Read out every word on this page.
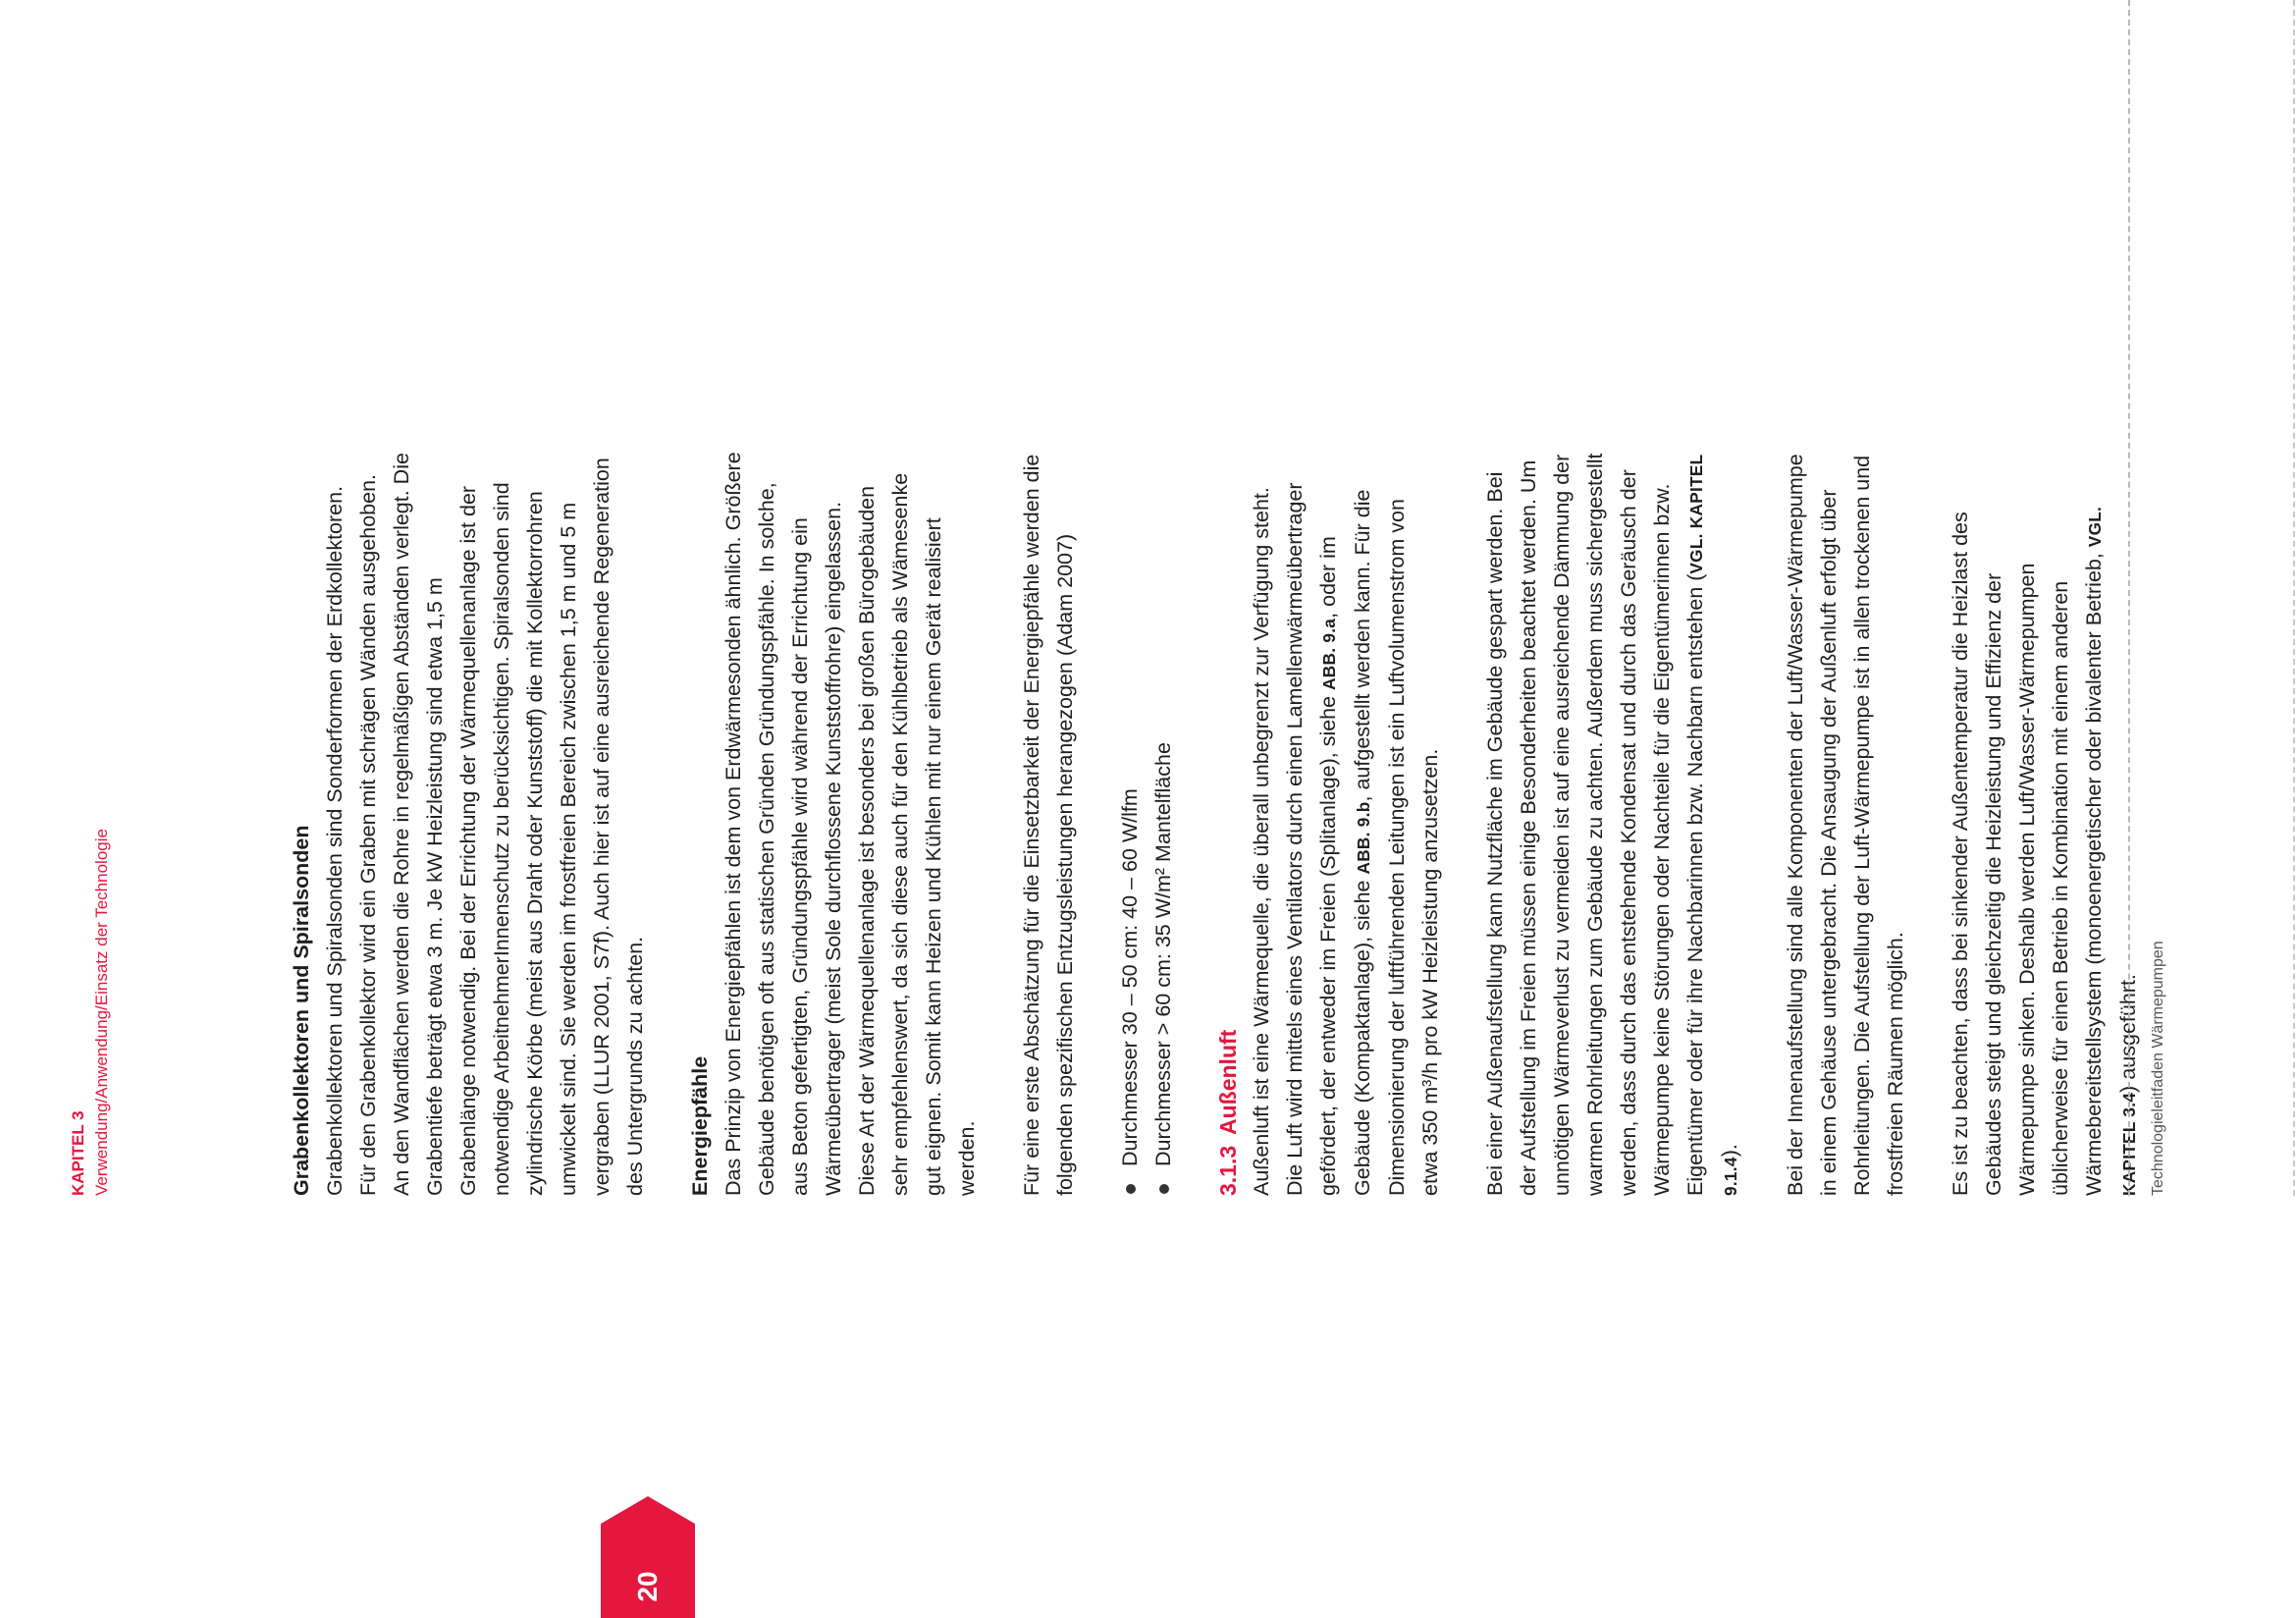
KAPITEL 3 Verwendung/Anwendung/Einsatz der Technologie	Grabenkollektoren und Spiralsonden Grabenkollektoren und Spiralsonden sind Sonderformen der Erdkollektoren. Für den Grabenkollektor wird ein Graben mit schrägen Wänden ausgehoben. An den Wandflächen werden die Rohre in regelmäßigen Abständen verlegt. Die Grabentiefe beträgt etwa 3 m. Je kW Heizleistung sind etwa 1,5 m Grabenlänge notwendig. Bei der Errichtung der Wärmequellenanlage ist der notwendige ArbeitnehmerInnenschutz zu berücksichtigen. Spiralsonden sind zylindrische Körbe (meist aus Draht oder Kunststoff) die mit Kollektorrohren umwickelt sind. Sie werden im frostfreien Bereich zwischen 1,5 m und 5 m vergraben (LLUR 2001, S7f). Auch hier ist auf eine ausreichende Regeneration des Untergrunds zu achten. Energiepfähle Das Prinzip von Energiepfählen ist dem von Erdwärmesonden ähnlich. Größere Gebäude benötigen oft aus statischen Gründen Gründungspfähle. In solche, aus Beton gefertigten, Gründungspfähle wird während der Errichtung ein Wärmeübertrager (meist Sole durchflossene Kunststoffrohre) eingelassen. Diese Art der Wärmequellenanlage ist besonders bei großen Bürogebäuden sehr empfehlenswert, da sich diese auch für den Kühlbetrieb als Wämesenke gut eignen. Somit kann Heizen und Kühlen mit nur einem Gerät realisiert werden. Für eine erste Abschätzung für die Einsetzbarkeit der Energiepfähle werden die folgenden spezifischen Entzugsleistungen herangezogen (Adam 2007) Durchmesser 30 – 50 cm: 40 – 60 W/lfm Durchmesser > 60 cm: 35 W/m² Mantelfläche

3.1.3Außenluft Außenluft ist eine Wärmequelle, die überall unbegrenzt zur Verfügung steht. Die Luft wird mittels eines Ventilators durch einen Lamellenwärmeübertrager gefördert, der entweder im Freien (Splitanlage), siehe ABB. 9.a, oder im Gebäude (Kompaktanlage), siehe ABB. 9.b, aufgestellt werden kann. Für die Dimensionierung der luftführenden Leitungen ist ein Luftvolumenstrom von etwa 350 m³/h pro kW Heizleistung anzusetzen. Bei einer Außenaufstellung kann Nutzfläche im Gebäude gespart werden. Bei der Aufstellung im Freien müssen einige Besonderheiten beachtet werden. Um unnötigen Wärmeverlust zu vermeiden ist auf eine ausreichende Dämmung der warmen Rohrleitungen zum Gebäude zu achten. Außerdem muss sichergestellt werden, dass durch das entstehende Kondensat und durch das Geräusch der Wärmepumpe keine Störungen oder Nachteile für die Eigentümerinnen bzw. Eigentümer oder für ihre Nachbarinnen bzw. Nachbarn entstehen (VGL. KAPITEL 9.1.4). Bei der Innenaufstellung sind alle Komponenten der Luft/Wasser-Wärmepumpe in einem Gehäuse untergebracht. Die Ansaugung der Außenluft erfolgt über Rohrleitungen. Die Aufstellung der Luft-Wärmepumpe ist in allen trockenen und frostfreien Räumen möglich. Es ist zu beachten, dass bei sinkender Außentemperatur die Heizlast des Gebäudes steigt und gleichzeitig die Heizleistung und Effizienz der Wärmepumpe sinken. Deshalb werden Luft/Wasser-Wärmepumpen üblicherweise für einen Betrieb in Kombination mit einem anderen Wärmebereitstellsystem (monoenergetischer oder bivalenter Betrieb, VGL. KAPITEL 3.4) ausgeführt. Technologieleitfaden Wärmepumpen
20
